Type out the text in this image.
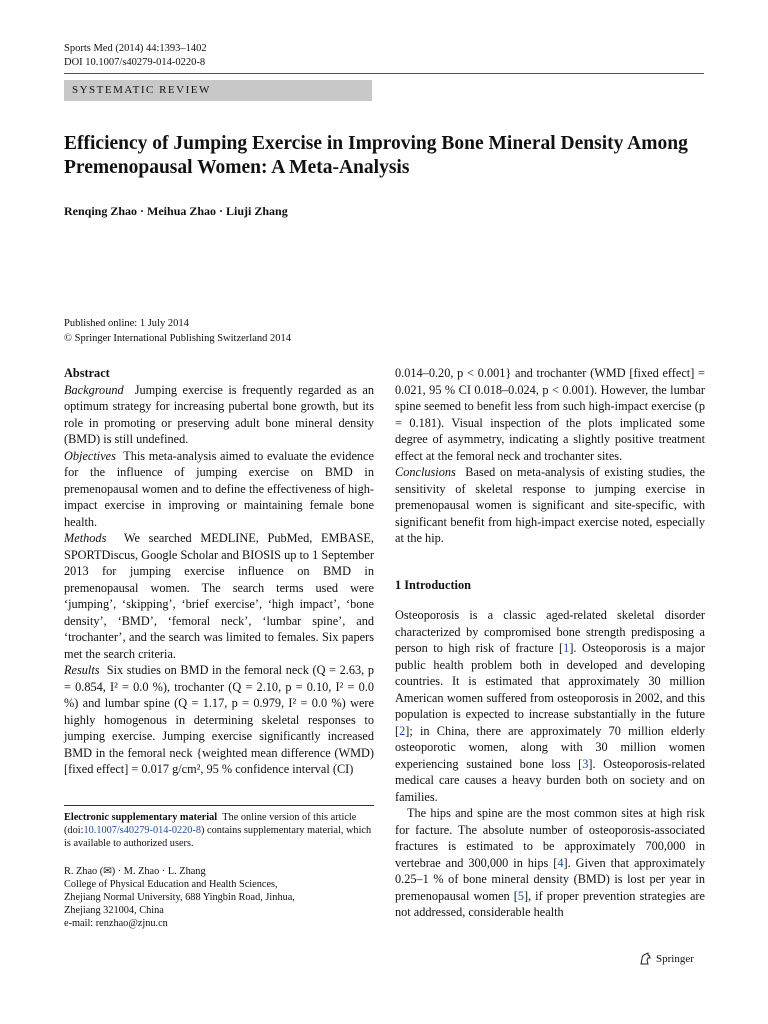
Sports Med (2014) 44:1393–1402
DOI 10.1007/s40279-014-0220-8
SYSTEMATIC REVIEW
Efficiency of Jumping Exercise in Improving Bone Mineral Density Among Premenopausal Women: A Meta-Analysis
Renqing Zhao · Meihua Zhao · Liuji Zhang
Published online: 1 July 2014
© Springer International Publishing Switzerland 2014

Abstract

Background Jumping exercise is frequently regarded as an optimum strategy for increasing pubertal bone growth, but its role in promoting or preserving adult bone mineral density (BMD) is still undefined.

Objectives This meta-analysis aimed to evaluate the evidence for the influence of jumping exercise on BMD in premenopausal women and to define the effectiveness of high-impact exercise in improving or maintaining female bone health.

Methods We searched MEDLINE, PubMed, EMBASE, SPORTDiscus, Google Scholar and BIOSIS up to 1 September 2013 for jumping exercise influence on BMD in premenopausal women. The search terms used were ‘jumping’, ‘skipping’, ‘brief exercise’, ‘high impact’, ‘bone density’, ‘BMD’, ‘femoral neck’, ‘lumbar spine’, and ‘trochanter’, and the search was limited to females. Six papers met the search criteria.

Results Six studies on BMD in the femoral neck (Q = 2.63, p = 0.854, I² = 0.0 %), trochanter (Q = 2.10, p = 0.10, I² = 0.0 %) and lumbar spine (Q = 1.17, p = 0.979, I² = 0.0 %) were highly homogenous in determining skeletal responses to jumping exercise. Jumping exercise significantly increased BMD in the femoral neck {weighted mean difference (WMD) [fixed effect] = 0.017 g/cm², 95 % confidence interval (CI)

0.014–0.20, p < 0.001} and trochanter (WMD [fixed effect] = 0.021, 95 % CI 0.018–0.024, p < 0.001). However, the lumbar spine seemed to benefit less from such high-impact exercise (p = 0.181). Visual inspection of the plots implicated some degree of asymmetry, indicating a slightly positive treatment effect at the femoral neck and trochanter sites.

Conclusions Based on meta-analysis of existing studies, the sensitivity of skeletal response to jumping exercise in premenopausal women is significant and site-specific, with significant benefit from high-impact exercise noted, especially at the hip.

1 Introduction

Osteoporosis is a classic aged-related skeletal disorder characterized by compromised bone strength predisposing a person to high risk of fracture [1]. Osteoporosis is a major public health problem both in developed and developing countries. It is estimated that approximately 30 million American women suffered from osteoporosis in 2002, and this population is expected to increase substantially in the future [2]; in China, there are approximately 70 million elderly osteoporotic women, along with 30 million women experiencing sustained bone loss [3]. Osteoporosis-related medical care causes a heavy burden both on society and on families.

The hips and spine are the most common sites at high risk for facture. The absolute number of osteoporosis-associated fractures is estimated to be approximately 700,000 in vertebrae and 300,000 in hips [4]. Given that approximately 0.25–1 % of bone mineral density (BMD) is lost per year in premenopausal women [5], if proper prevention strategies are not addressed, considerable health

Electronic supplementary material The online version of this article (doi:10.1007/s40279-014-0220-8) contains supplementary material, which is available to authorized users.
R. Zhao (✉) · M. Zhao · L. Zhang
College of Physical Education and Health Sciences,
Zhejiang Normal University, 688 Yingbin Road, Jinhua,
Zhejiang 321004, China
e-mail: renzhao@zjnu.cn
Springer
